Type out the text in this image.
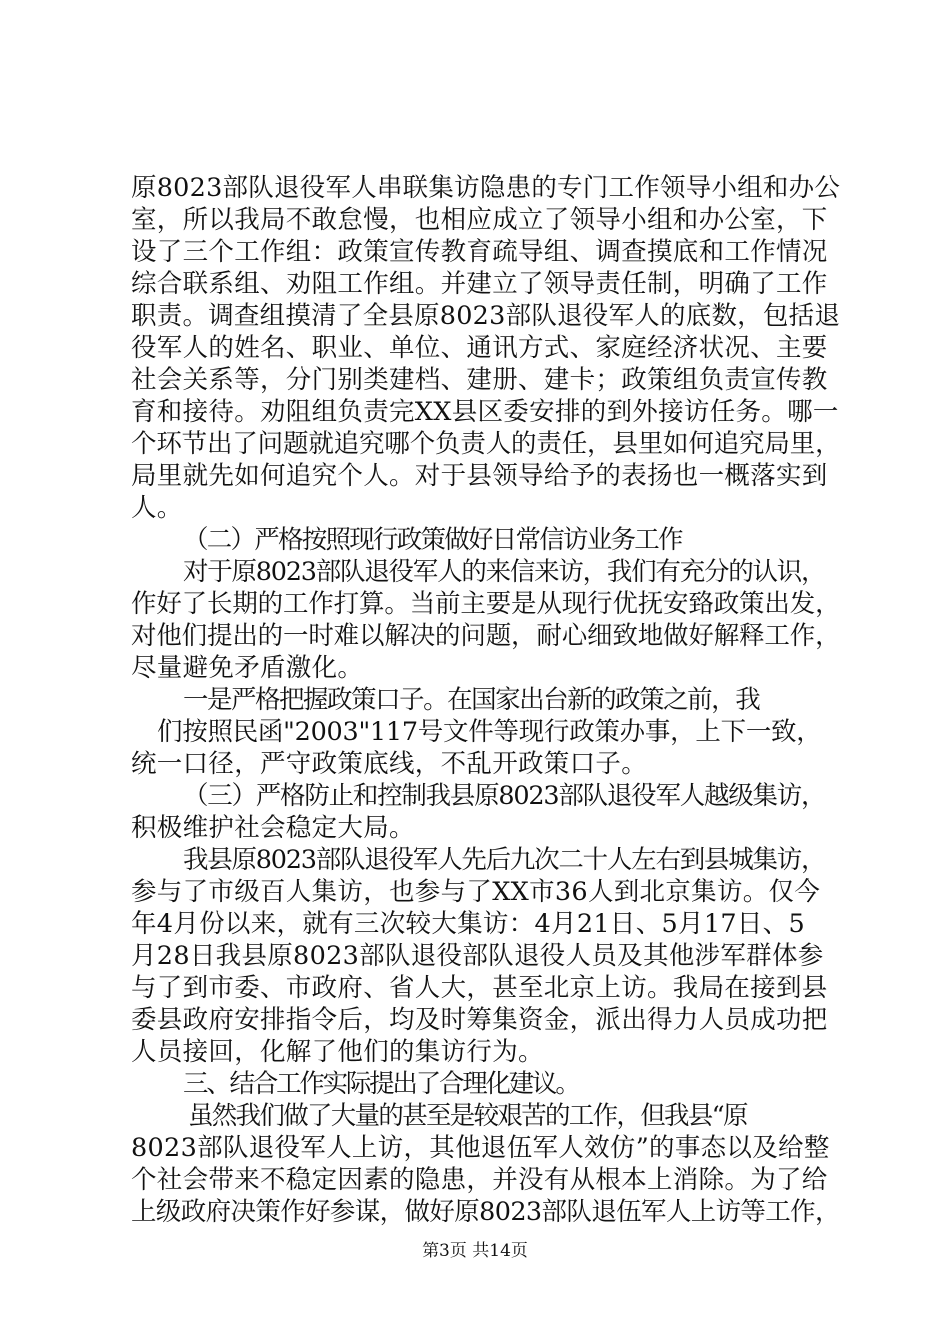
原8023部队退役军人串联集访隐患的专门工作领导小组和办公
室，所以我局不敢怠慢，也相应成立了领导小组和办公室，下
设了三个工作组：政策宣传教育疏导组、调查摸底和工作情况
综合联系组、劝阻工作组。并建立了领导责任制，明确了工作
职责。调查组摸清了全县原8023部队退役军人的底数，包括退
役军人的姓名、职业、单位、通讯方式、家庭经济状况、主要
社会关系等，分门别类建档、建册、建卡；政策组负责宣传教
育和接待。劝阻组负责完XX县区委安排的到外接访任务。哪一
个环节出了问题就追究哪个负责人的责任，县里如何追究局里，
局里就先如何追究个人。对于县领导给予的表扬也一概落实到
人。
（二）严格按照现行政策做好日常信访业务工作
对于原8023部队退役军人的来信来访，我们有充分的认识，
作好了长期的工作打算。当前主要是从现行优抚安臵政策出发，
对他们提出的一时难以解决的问题，耐心细致地做好解释工作，
尽量避免矛盾激化。
一是严格把握政策口子。在国家出台新的政策之前，我
们按照民函"2003"117号文件等现行政策办事，上下一致，
统一口径，严守政策底线，不乱开政策口子。
（三）严格防止和控制我县原8023部队退役军人越级集访，
积极维护社会稳定大局。
我县原8023部队退役军人先后九次二十人左右到县城集访，
参与了市级百人集访，也参与了XX市36人到北京集访。仅今
年4月份以来，就有三次较大集访：4月21日、5月17日、5
月28日我县原8023部队退役部队退役人员及其他涉军群体参
与了到市委、市政府、省人大，甚至北京上访。我局在接到县
委县政府安排指令后，均及时筹集资金，派出得力人员成功把
人员接回，化解了他们的集访行为。
三、结合工作实际提出了合理化建议。
虽然我们做了大量的甚至是较艰苦的工作，但我县“原
8023部队退役军人上访，其他退伍军人效仿”的事态以及给整
个社会带来不稳定因素的隐患，并没有从根本上消除。为了给
上级政府决策作好参谋，做好原8023部队退伍军人上访等工作，
第3页 共14页
